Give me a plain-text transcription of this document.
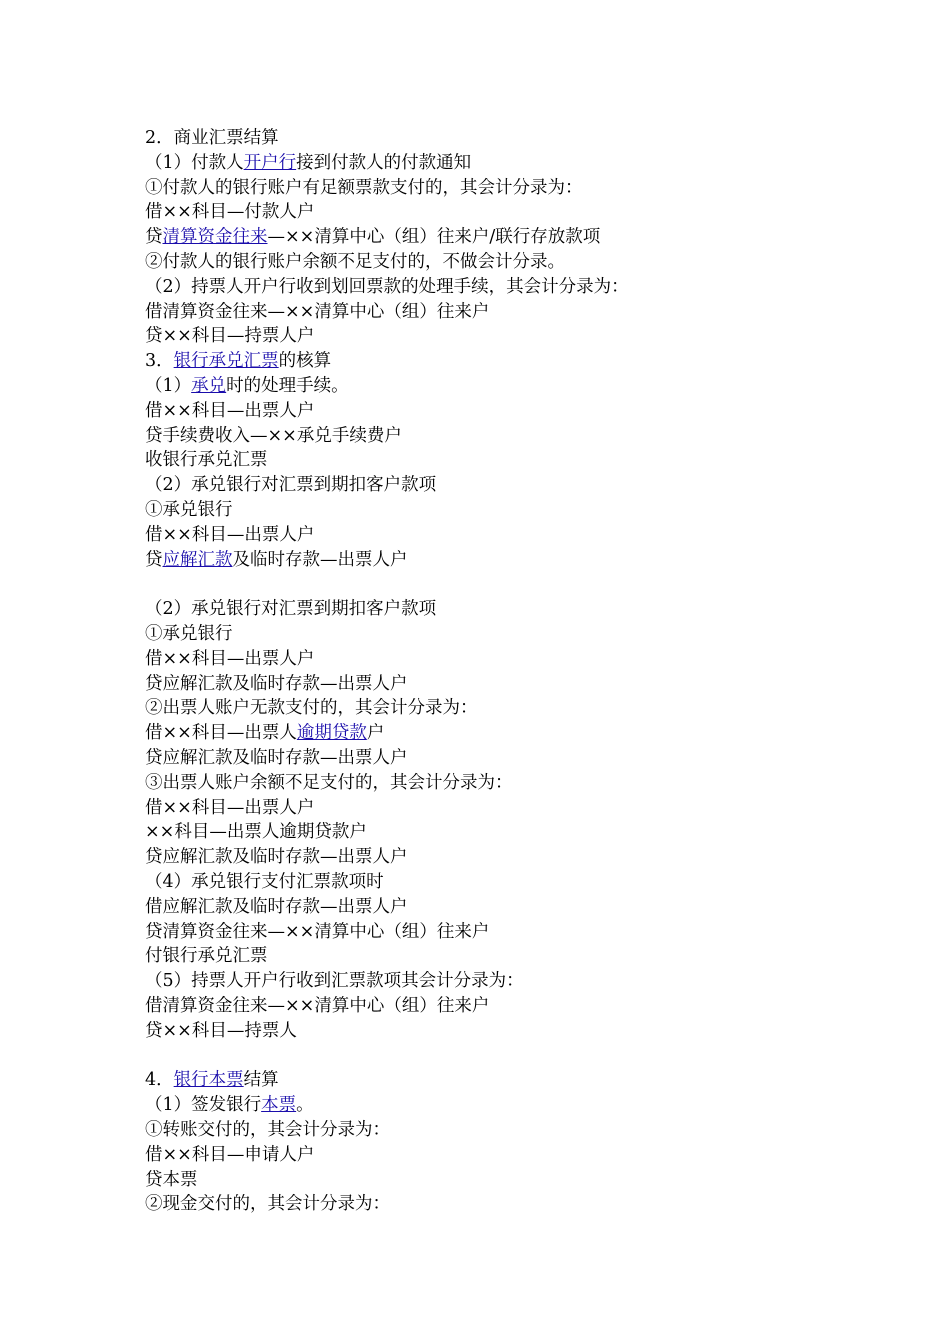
2．商业汇票结算
（1）付款人开户行接到付款人的付款通知
①付款人的银行账户有足额票款支付的，其会计分录为：
借××科目—付款人户
贷清算资金往来—××清算中心（组）往来户/联行存放款项
②付款人的银行账户余额不足支付的，不做会计分录。
（2）持票人开户行收到划回票款的处理手续，其会计分录为：
借清算资金往来—××清算中心（组）往来户
贷××科目—持票人户
3．银行承兑汇票的核算
（1）承兑时的处理手续。
借××科目—出票人户
贷手续费收入—××承兑手续费户
收银行承兑汇票
（2）承兑银行对汇票到期扣客户款项
①承兑银行
借××科目—出票人户
贷应解汇款及临时存款—出票人户
（2）承兑银行对汇票到期扣客户款项
①承兑银行
借××科目—出票人户
贷应解汇款及临时存款—出票人户
②出票人账户无款支付的，其会计分录为：
借××科目—出票人逾期贷款户
贷应解汇款及临时存款—出票人户
③出票人账户余额不足支付的，其会计分录为：
借××科目—出票人户
××科目—出票人逾期贷款户
贷应解汇款及临时存款—出票人户
（4）承兑银行支付汇票款项时
借应解汇款及临时存款—出票人户
贷清算资金往来—××清算中心（组）往来户
付银行承兑汇票
（5）持票人开户行收到汇票款项其会计分录为：
借清算资金往来—××清算中心（组）往来户
贷××科目—持票人
4．银行本票结算
（1）签发银行本票。
①转账交付的，其会计分录为：
借××科目—申请人户
贷本票
②现金交付的，其会计分录为：
